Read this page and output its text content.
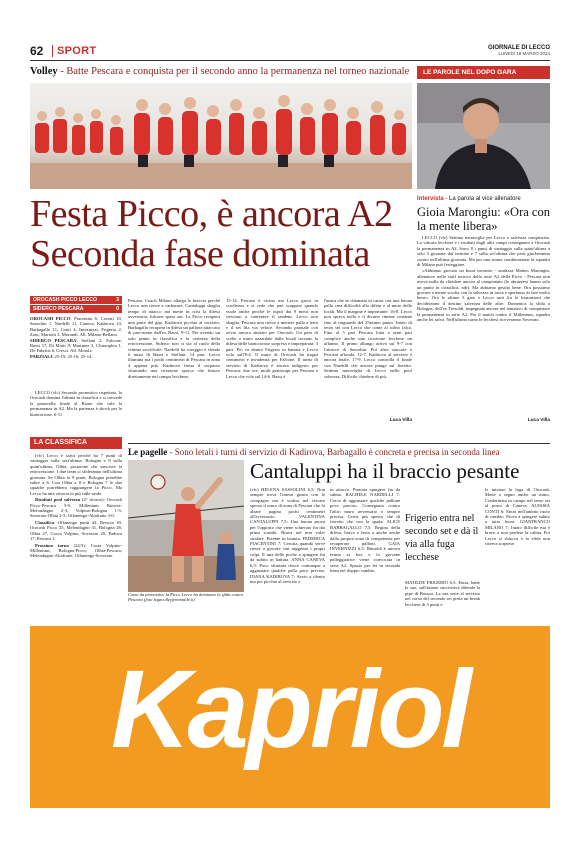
62 SPORT	GIORNALE DI LECCO
LUNEDÌ 18 MARZO 2024
Volley - Batte Pescara e conquista per il secondo anno la permanenza nel torneo nazionale	LE PAROLE NEL DOPO GARA
Festa Picco, è ancora A2
Seconda fase dominata
Intervista - La parola al vice allenatore
Gioia Marongiu: «Ora con la mente libera»

LECCO (vlc) Settima meraviglia per Lecco e salvezza conquistata. La vittoria lecchese e i risultati dagli altri campi consegnano a Orocash la permanenza in A2. Sono 8 i punti di vantaggio sulla quint'ultima a solo 3 giornate dal termine e 7 sulla sei'ultima che però giocheranno contro nell'ultima giornata. Ma per una strana combinazione la squadra di Milano può festeggiare.

«Abbiamo giocato un buon incontro - analizza Matteo Marongiu, allenatore nello staff tecnico della serie A2 della Picco - Pescara non aveva nulla da chiedere ancora al campionato (le abruzzesi hanno solo un punto in classifica, ndr). Ma abbiamo gestito bene. Ora possiamo giocare a mente sciolta con la salvezza in tasca e speriamo di fare molto bene». Ora le ultime 3 gare e Lecco sarà fra le formazioni che decideranno il destino salvezza delle altre. Domenica la sfida a Bologna, dell'ex Tresoldi, impegnata ancora nel tentativo di conquistare la permanenza in serie A2. Poi il match contro il Millenium, squadra anche lei salva. Nell'ultimo turno le lecchesi riceveranno Soverato.

Luca Villa
OROCASH PICCO LECCO	3
SIDERCO PESCARA	0
OROCASH PICCO: Piacentini 6, Cerruti 10, Sassolini 1, Nardelli 11, Caneva, Kadirova 14, Barbagallo 11, Conti 4, Invernizzi, Frigerio 2, Zoni, Mariotti 3, Morandi. All. Milano-Bellano.
SIDERCO PESCARA: Stellani 2, Falcone, Bassi 17, Di Marti 8, Martinez 3, Chiraoplou 1, De Fabritis 6, Cresci. All. Motola.
PARZIALI: 25-19, 25-16, 25-14.

LECCO (vlc) Secondo pronostico rispettato, la Orocash domina l'ultima in classifica e si concede la passerella finale al Bione che vale la permanenza in A2. Ma la partenza è shock per le biancorosse, 6-11

Pescara. Coach Milano allarga le braccia perché Lecco non riesce a carburare. Cantaluppi sbaglia tempo di attacco ma mette in crisi la difesa avversaria, fulcone spara out. La Picco recupera una parte del gap. Kadirova picchia al servizio, Barbagallo recupera in difesa un pallone attaccato di precisione dall'ex Bassi, 9-11. Per avendo un solo punto in classifica e la certezza della retrocessione, Siderco non ci sta al ruolo della vittima sacrificale. Nardelli ha coraggio e sfonda il muro di Bassi e Stellani: 14 pari. Lecco illumina ma i pochi centimetri di Pescara in zona 4 appena può. Kadirova firma il sorpasso sfruttando una ricezione sporca che finisce direttamente nel campo lecchese,

15-14. Pescara è vicino ma Lecco gioca in scioltezza e si vede che può scappare quando vuole anche perché le ospiti dai 9 metri non riescono a contenere il tandem. Lecco non sbaglia, Pescara non riesce a mettere palla a terra e il set fila via veloce. Secondo parziale con avvio ancora sinistro per Orocash. Un paio di scelte a muro azzardate dalle locali trovano la difesa delle biancorosse sorpresa e impreparata: 3 pari. Poi va dentro Frigerio in battuta e Lecco vola sull'8-4. Il muro di Orocash ha troppi centimetri e invadenza per Falcone. Il turno di servizio di Kadirova è ancora indigesto per Pescara: due ace, molti grattacapi per Pescara e Lecco che vola sul 14-6. Bassi è

l'unica che se chiamata in causa con una buona palla crea difficoltà alla difesa e al muro delle locali. Ma il margine è importante: 16-8. Lecco non spreca nulla e il divario rimane costante fino al traguardo del 25esimo punto. Inizio di terzo set con Lecco che come al solito falca. Fino al 5 pari Pescara lotta a armi pari complice anche una ricezione lecchese un affanno. Il primo allungo arriva sul 9-7 con l'attacco di Sassolini. Poi altre staccate e Pescara affonda, 12-7. Kadirova al servizio è ancora letale, 17-9. Lecco controlla il finale con Nardelli che ancora punge sul fioretto. Settima meraviglia di Lecco nello pool salvezza. Difficile chiedere di più.

Luca Villa
LA CLASSIFICA

(vlc) Lecco è salva perché ha 7 punti di vantaggio sulla sest'ultima, Bologna e 8 sulla quint'ultima, Olbia, posizione che sancisce la retrocessione. I due team si sfideranno nell'ultima giornata. Se Olbia fa 9 punti, Bologna potrebbe salire a 6. Con Olbia a 8 e Bologna 7 le due squadre potrebbero raggiungere la Picco. Ma Lecco ha una vittoria in più sulle sarde.

Risultati pool salvezza (2° ritorno): Orocash Picco-Pescara 3-0; Millenium Brescia-Mefondagno 2-3; Volpino-Bologna 1-3; Soverato-Olbia 2-3; Offanengo-Altafratte 3-0.

Classifica: Offanengo punti 42, Brescia 39, Orocash Picco 35, Melendugno 31, Bologna 28, Olbia 27, Cosca Volpino, Soverato 20, Padova 17, Pescara 1.

Prossimo turno (24/3): Costa Volpino-Millenium; Bologna-Picco; Olbia-Pescara; Melendugno-Altafratte; Offanengo-Soverato.

Le pagelle - Sono letali i turni di servizio di Kadirova, Barbagallo è concreta e precisa in seconda linea
Come da pronostico la Picco Lecco ha dominato la sfida contro Pescara (foto legavolleyfemminile.it)
Cantaluppi ha il braccio pesante

(vlc) HELENA SASSOLINI 6,5: Non sempre trova l'intesa giusta con le compagne ma è scaltra nel cercare spesso il muro di zona di Pescara che fa alzare pagina pochi centimetri all'avversario. VALENTINA CANTALUPPI 7,5: Una buona prova per l'opposto che viene schierato fin dai primi scambi. Brava nel non voler strafare. Potente in battuta. FEDERICA PIACENTINI 7: Cercata quando serve riesce a giocare con saggezza i propri colpi. E una delle poche a spingere fin da subito in battuta. ANNA CANEVA 6,5: Poco sfruttata riesce comunque a aggiustare qualche palla poco precisa. DIANA KADIROVA 7: Avvio a rilento ma poi picchia al servizio e

in attacco. Pronota spingere fin da subito. RACHELE NARDELLI 7: Cerca di aggiustare qualche pallone poco preciso. Consegnata contro l'altro muro avversario e sempre precisa. Cerca più spesso che di fioretto che con la spada. ALICE BARBAGALLO 7,5: Regina della difesa, brava e lesta a anche anche dalla propria zona di competenza per recuperare palloni. GAIA INVERNIZZI 6,5: Rimoldi è ancora ferma ai box e la giovane palleggiatrice viene convocata in serie A2. Spazio per lei in seconda linea nel doppio cambio.

Frigerio entra nel secondo set e dà il via alla fuga lecchese

MATILDE FRIGERIO 6,5: Entra, batte le sue, sull'azione successiva difende la pipe di Bassoa. La sua serie al servizio nel corso del secondo set porta un break lecchese di 3 punti e

le iniziare la fuga di Orocash. Mette a segno anche un muro. Confermata in campo nel terzo set al posto di Caneva. ALESSIA CONTI 6: Entra nell'ambito ruolo di cambio. Prova a spingere subito a tutta forza. GIANFRANCO MILANO 7: Inizio difficile ma è bravo a non perdere la calma. Poi Lecco si sblocca e la sfida non riserva sorprese.

Kapriol
